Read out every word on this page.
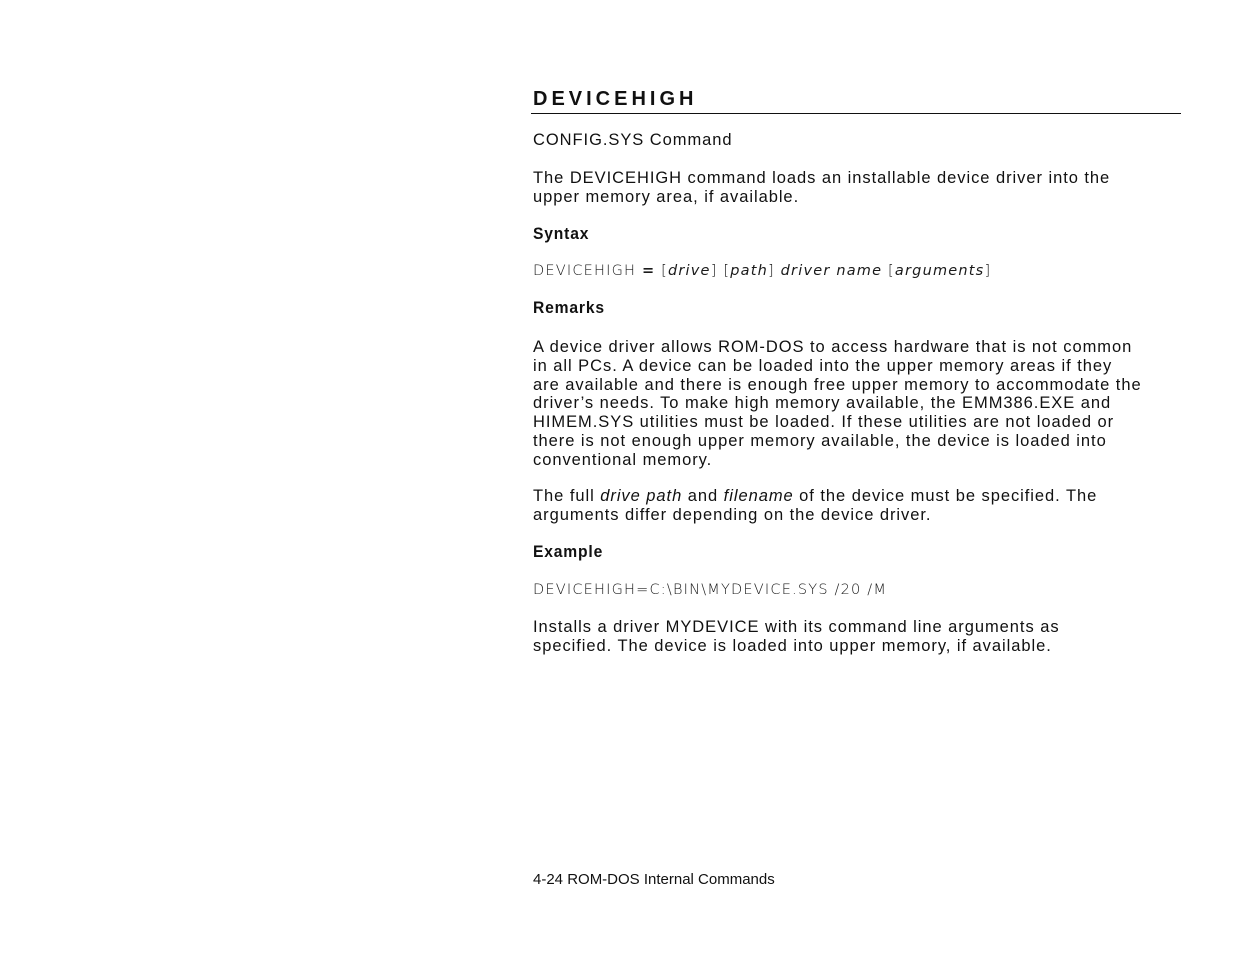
DEVICEHIGH
CONFIG.SYS Command
The DEVICEHIGH command loads an installable device driver into the
upper memory area, if available.
Syntax
DEVICEHIGH = [drive] [path] driver name [arguments]
Remarks
A device driver allows ROM-DOS to access hardware that is not common
in all PCs. A device can be loaded into the upper memory areas if they
are available and there is enough free upper memory to accommodate the
driver’s needs. To make high memory available, the EMM386.EXE and
HIMEM.SYS utilities must be loaded. If these utilities are not loaded or
there is not enough upper memory available, the device is loaded into
conventional memory.
The full drive path and filename of the device must be specified. The
arguments differ depending on the device driver.
Example
DEVICEHIGH=C:\BIN\MYDEVICE.SYS /20 /M
Installs a driver MYDEVICE with its command line arguments as
specified. The device is loaded into upper memory, if available.
4-24 ROM-DOS Internal Commands
